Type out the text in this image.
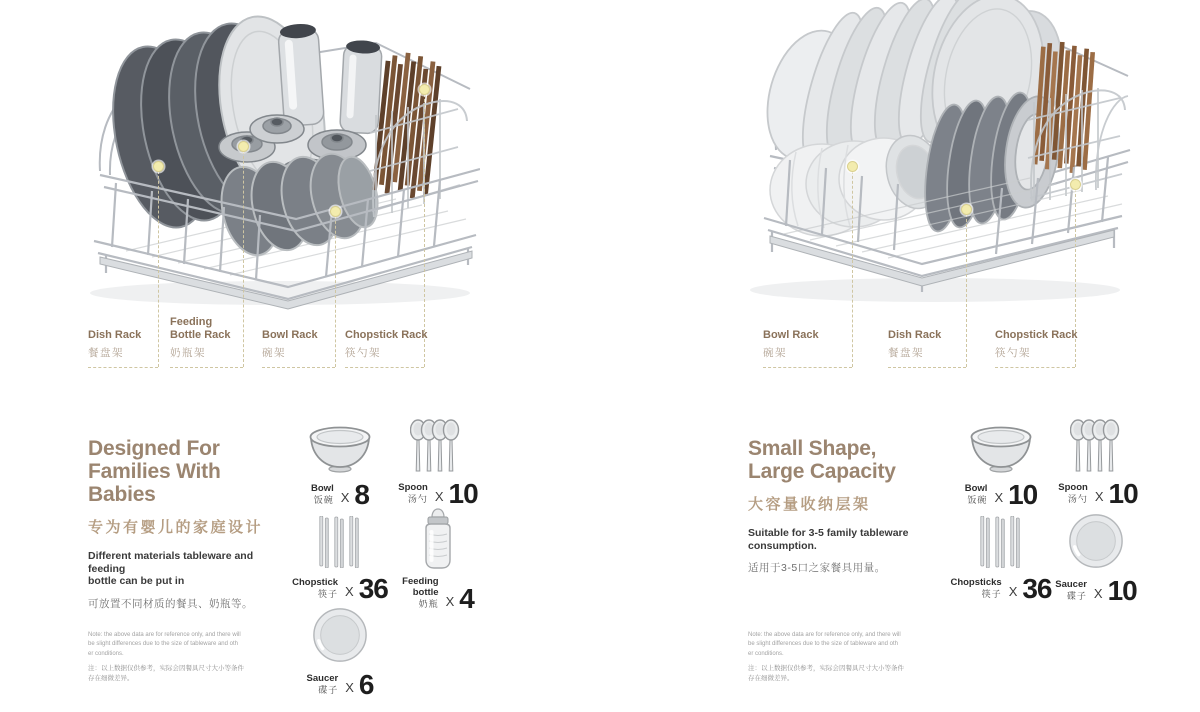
Dish Rack
餐盘架
Feeding
Bottle Rack
奶瓶架
Bowl Rack
碗架
Chopstick Rack
筷勺架
Bowl Rack
碗架
Dish Rack
餐盘架
Chopstick Rack
筷勺架
Designed For
Families With Babies
专为有婴儿的家庭设计
Different materials tableware and feeding
bottle can be put in
可放置不同材质的餐具、奶瓶等。
Note: the above data are for reference only, and there will
be slight differences due to the size of tableware and oth
er conditions.
注：以上数据仅供参考，实际会因餐具尺寸大小等条件
存在细微差异。
Small Shape,
Large Capacity
大容量收纳层架
Suitable for 3-5 family tableware
consumption.
适用于3-5口之家餐具用量。
Note: the above data are for reference only, and there will
be slight differences due to the size of tableware and oth
er conditions.
注：以上数据仅供参考，实际会因餐具尺寸大小等条件
存在细微差异。
Bowl
饭碗 X 8	Spoon
汤勺 X 10
Chopstick
筷子 X 36 Feeding
bottle
奶瓶 X 4
Saucer
碟子 X 6
Bowl
饭碗 X 10 Spoon
汤勺 X 10
Chopsticks
筷子 X 36 Saucer
碟子 X 10
